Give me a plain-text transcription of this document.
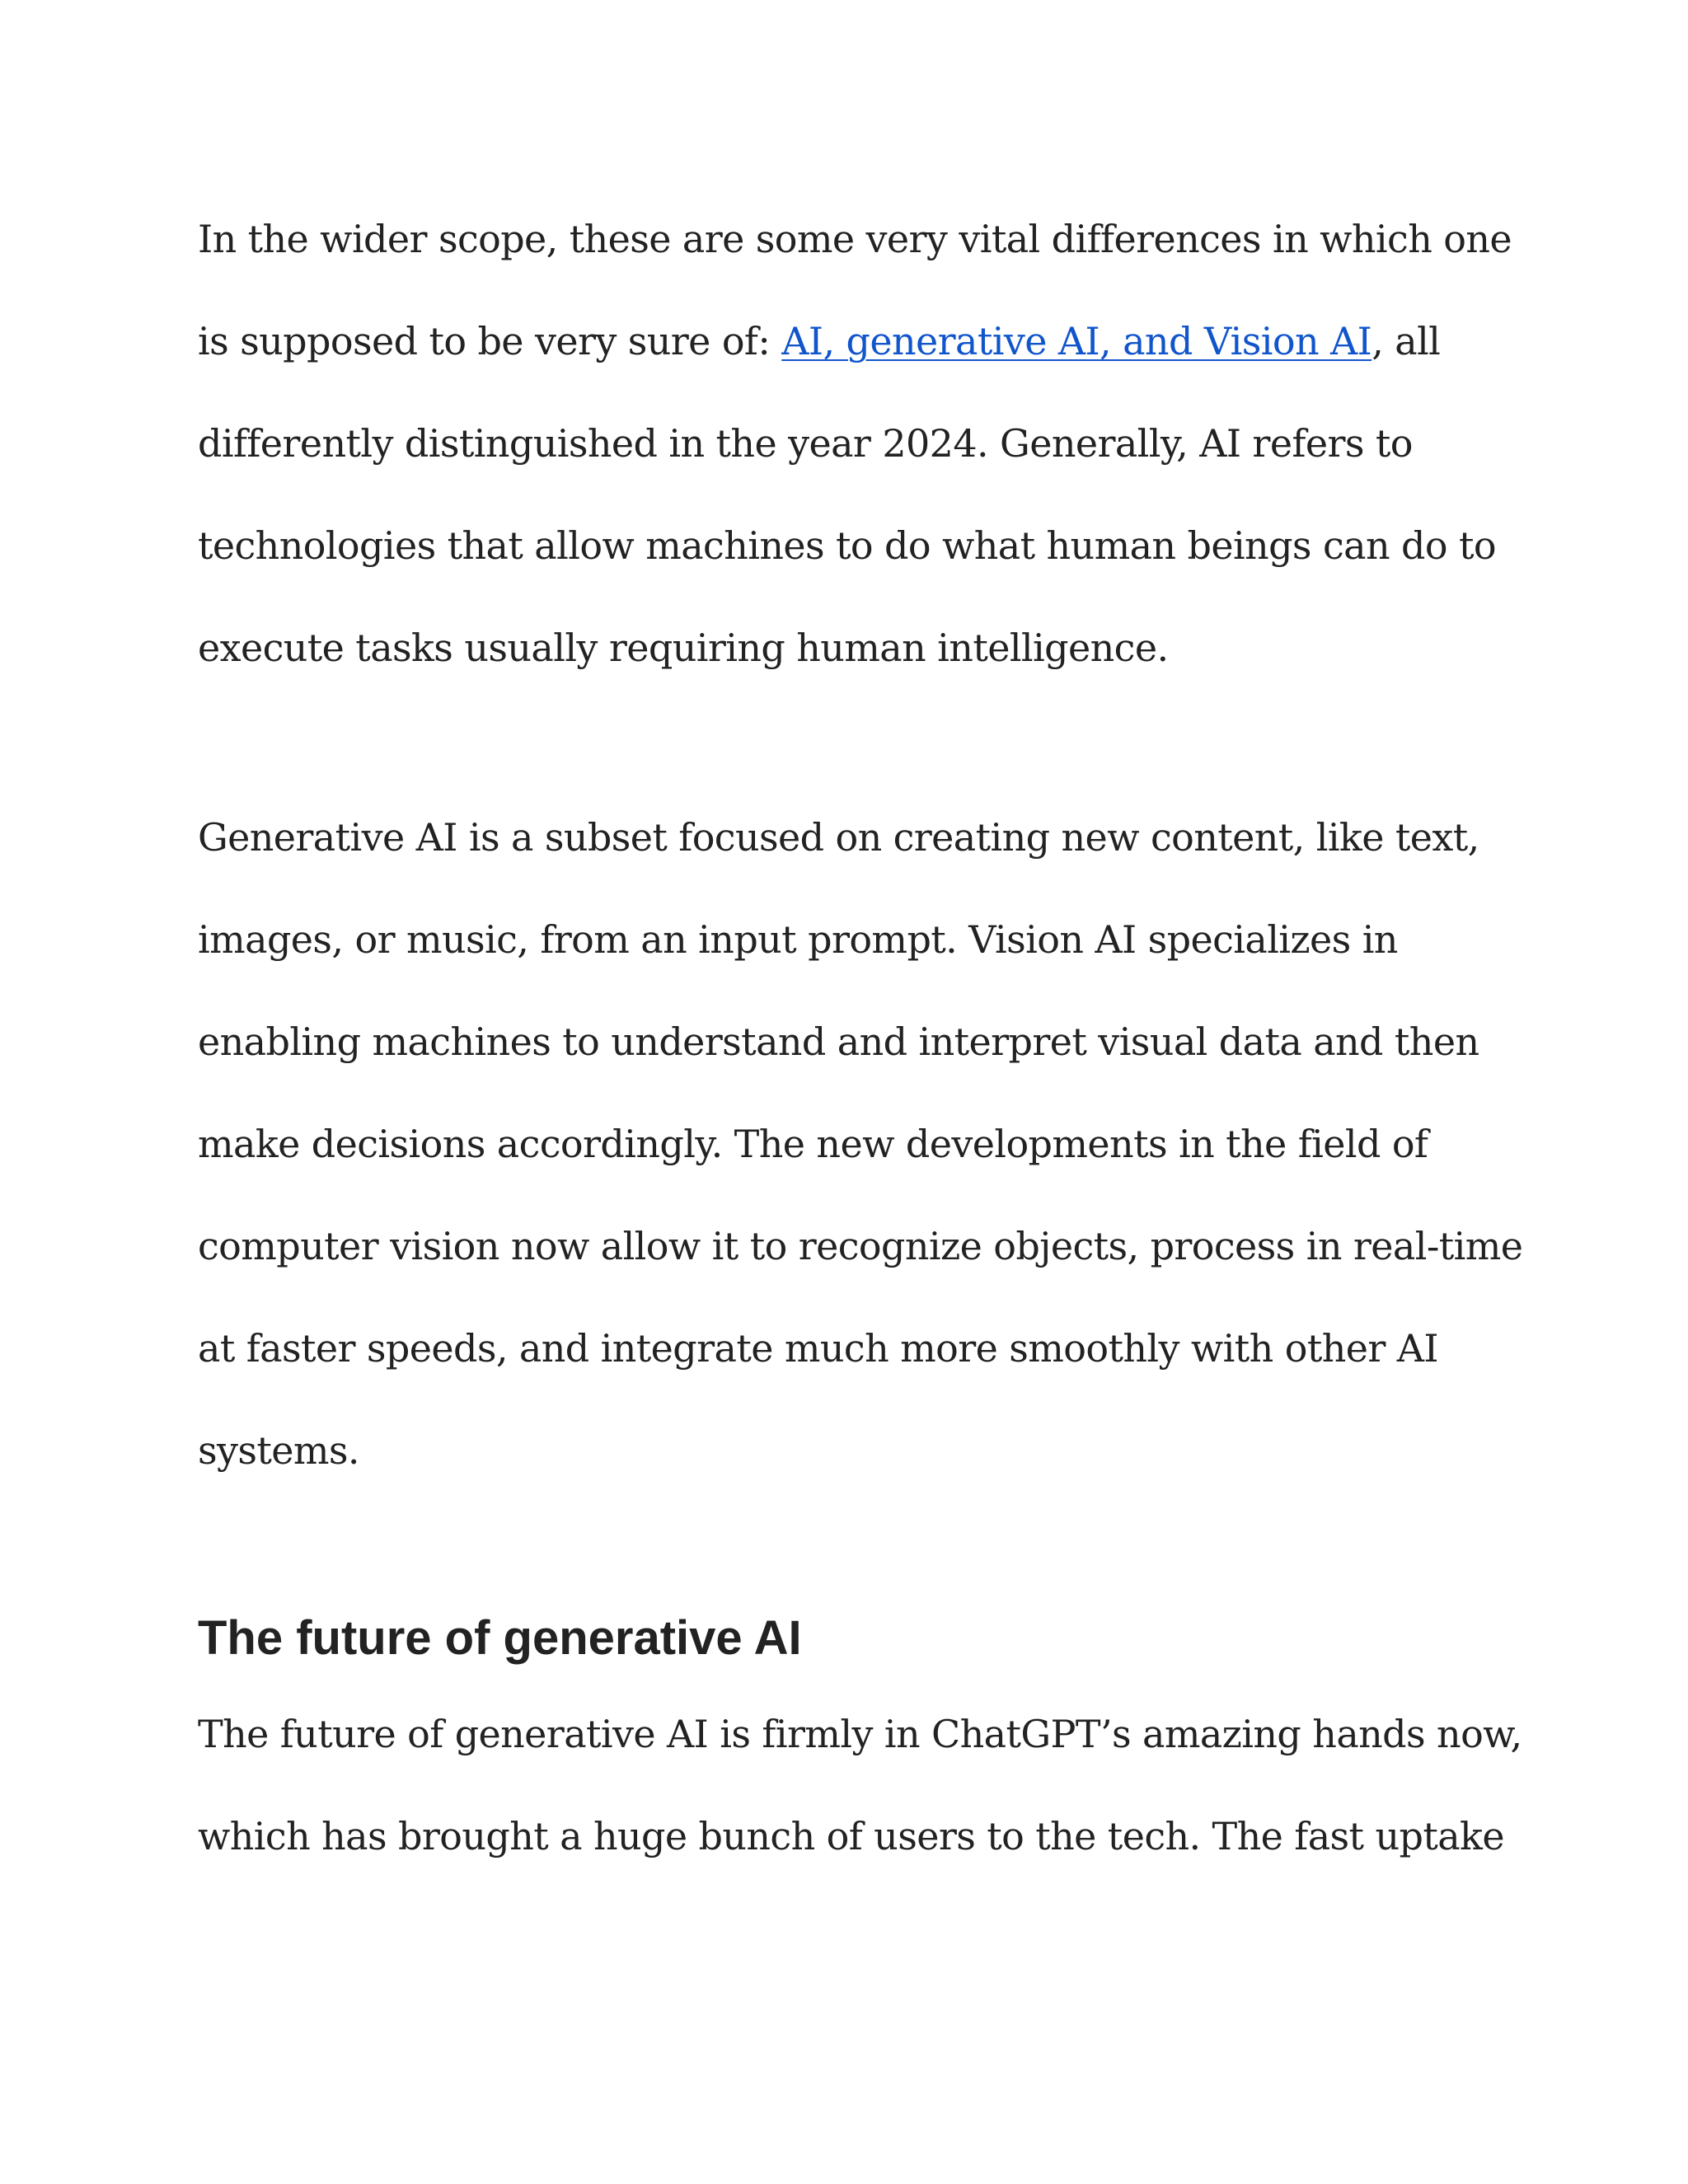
In the wider scope, these are some very vital differences in which one
is supposed to be very sure of: AI, generative AI, and Vision AI, all
differently distinguished in the year 2024. Generally, AI refers to
technologies that allow machines to do what human beings can do to
execute tasks usually requiring human intelligence.

Generative AI is a subset focused on creating new content, like text,
images, or music, from an input prompt. Vision AI specializes in
enabling machines to understand and interpret visual data and then
make decisions accordingly. The new developments in the field of
computer vision now allow it to recognize objects, process in real-time
at faster speeds, and integrate much more smoothly with other AI
systems.

The future of generative AI

The future of generative AI is firmly in ChatGPT’s amazing hands now,
which has brought a huge bunch of users to the tech. The fast uptake
